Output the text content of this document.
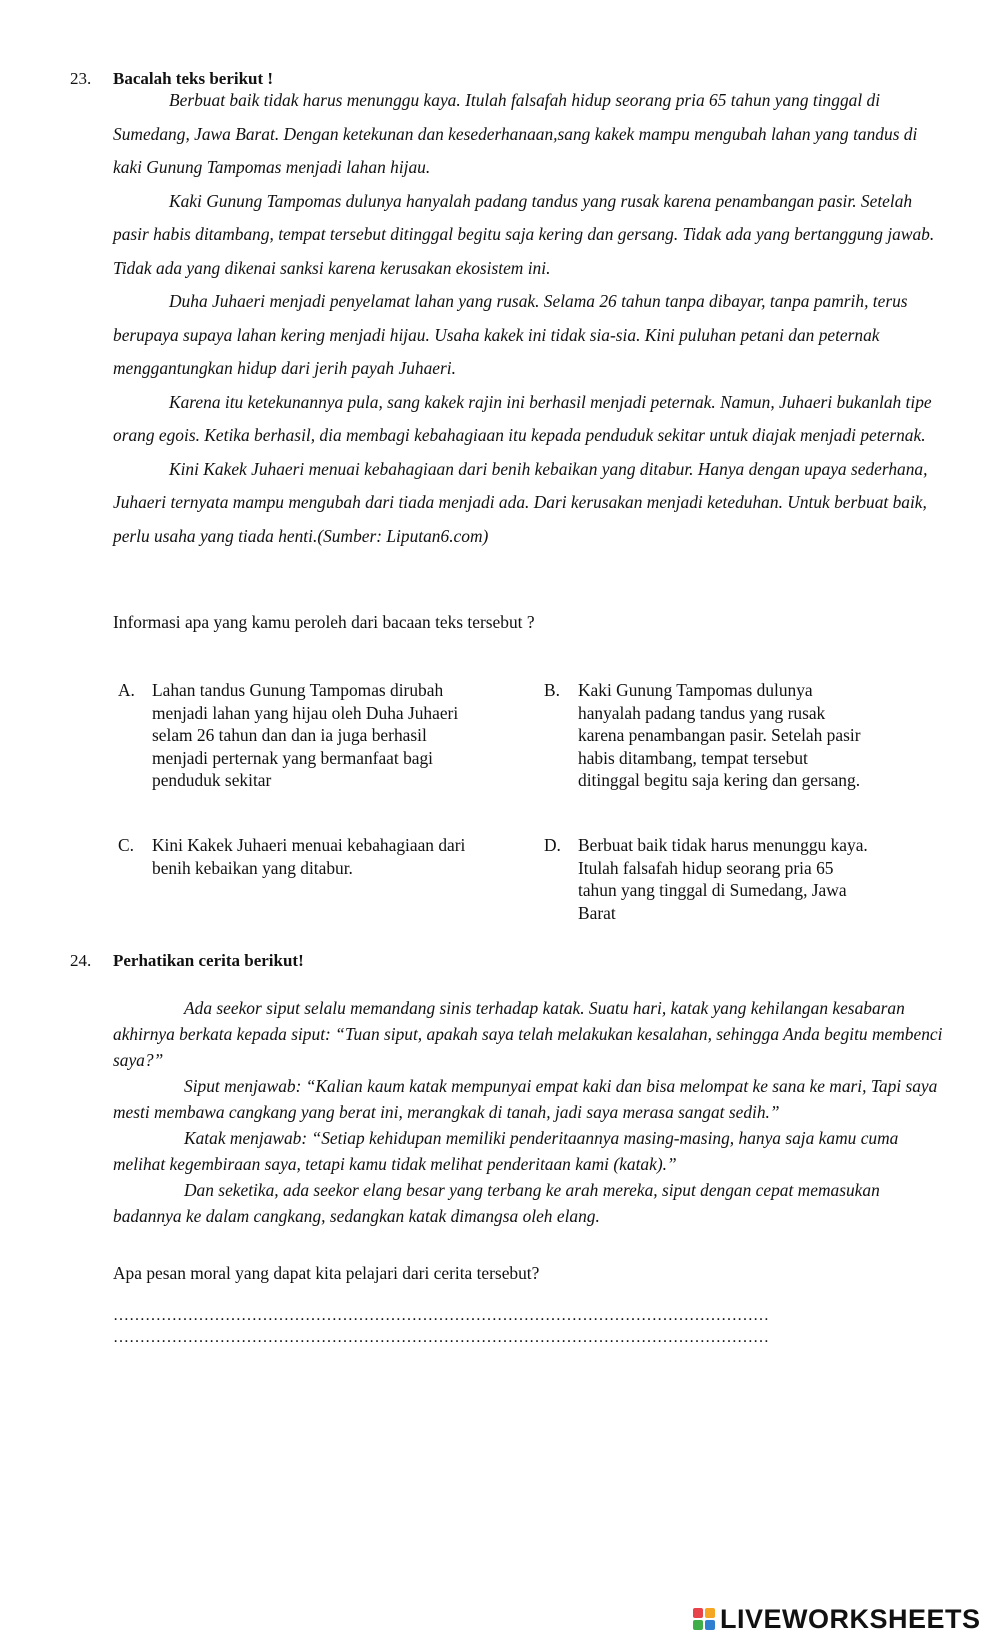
23. Bacalah teks berikut !

Berbuat baik tidak harus menunggu kaya. Itulah falsafah hidup seorang pria 65 tahun yang tinggal di Sumedang, Jawa Barat. Dengan ketekunan dan kesederhanaan,sang kakek mampu mengubah lahan yang tandus di kaki Gunung Tampomas menjadi lahan hijau.

Kaki Gunung Tampomas dulunya hanyalah padang tandus yang rusak karena penambangan pasir. Setelah pasir habis ditambang, tempat tersebut ditinggal begitu saja kering dan gersang. Tidak ada yang bertanggung jawab. Tidak ada yang dikenai sanksi karena kerusakan ekosistem ini.

Duha Juhaeri menjadi penyelamat lahan yang rusak. Selama 26 tahun tanpa dibayar, tanpa pamrih, terus berupaya supaya lahan kering menjadi hijau. Usaha kakek ini tidak sia-sia. Kini puluhan petani dan peternak menggantungkan hidup dari jerih payah Juhaeri.

Karena itu ketekunannya pula, sang kakek rajin ini berhasil menjadi peternak. Namun, Juhaeri bukanlah tipe orang egois. Ketika berhasil, dia membagi kebahagiaan itu kepada penduduk sekitar untuk diajak menjadi peternak.

Kini Kakek Juhaeri menuai kebahagiaan dari benih kebaikan yang ditabur. Hanya dengan upaya sederhana, Juhaeri ternyata mampu mengubah dari tiada menjadi ada. Dari kerusakan menjadi keteduhan. Untuk berbuat baik, perlu usaha yang tiada henti.(Sumber: Liputan6.com)

Informasi apa yang kamu peroleh dari bacaan teks tersebut ?
A. Lahan tandus Gunung Tampomas dirubah
menjadi lahan yang hijau oleh Duha Juhaeri
selam 26 tahun dan dan ia juga berhasil
menjadi perternak yang bermanfaat bagi
penduduk sekitar
B. Kaki Gunung Tampomas dulunya
hanyalah padang tandus yang rusak
karena penambangan pasir. Setelah pasir
habis ditambang, tempat tersebut
ditinggal begitu saja kering dan gersang.
C. Kini Kakek Juhaeri menuai kebahagiaan dari
benih kebaikan yang ditabur.
D. Berbuat baik tidak harus menunggu kaya.
Itulah falsafah hidup seorang pria 65
tahun yang tinggal di Sumedang, Jawa
Barat
24. Perhatikan cerita berikut!

Ada seekor siput selalu memandang sinis terhadap katak. Suatu hari, katak yang kehilangan kesabaran akhirnya berkata kepada siput: “Tuan siput, apakah saya telah melakukan kesalahan, sehingga Anda begitu membenci saya?”

Siput menjawab: “Kalian kaum katak mempunyai empat kaki dan bisa melompat ke sana ke mari, Tapi saya mesti membawa cangkang yang berat ini, merangkak di tanah, jadi saya merasa sangat sedih.”

Katak menjawab: “Setiap kehidupan memiliki penderitaannya masing-masing, hanya saja kamu cuma melihat kegembiraan saya, tetapi kamu tidak melihat penderitaan kami (katak).”

Dan seketika, ada seekor elang besar yang terbang ke arah mereka, siput dengan cepat memasukan badannya ke dalam cangkang, sedangkan katak dimangsa oleh elang.

Apa pesan moral yang dapat kita pelajari dari cerita tersebut?
……………………………………………………………………………………………………………
……………………………………………………………………………………………………………
LIVEWORKSHEETS
